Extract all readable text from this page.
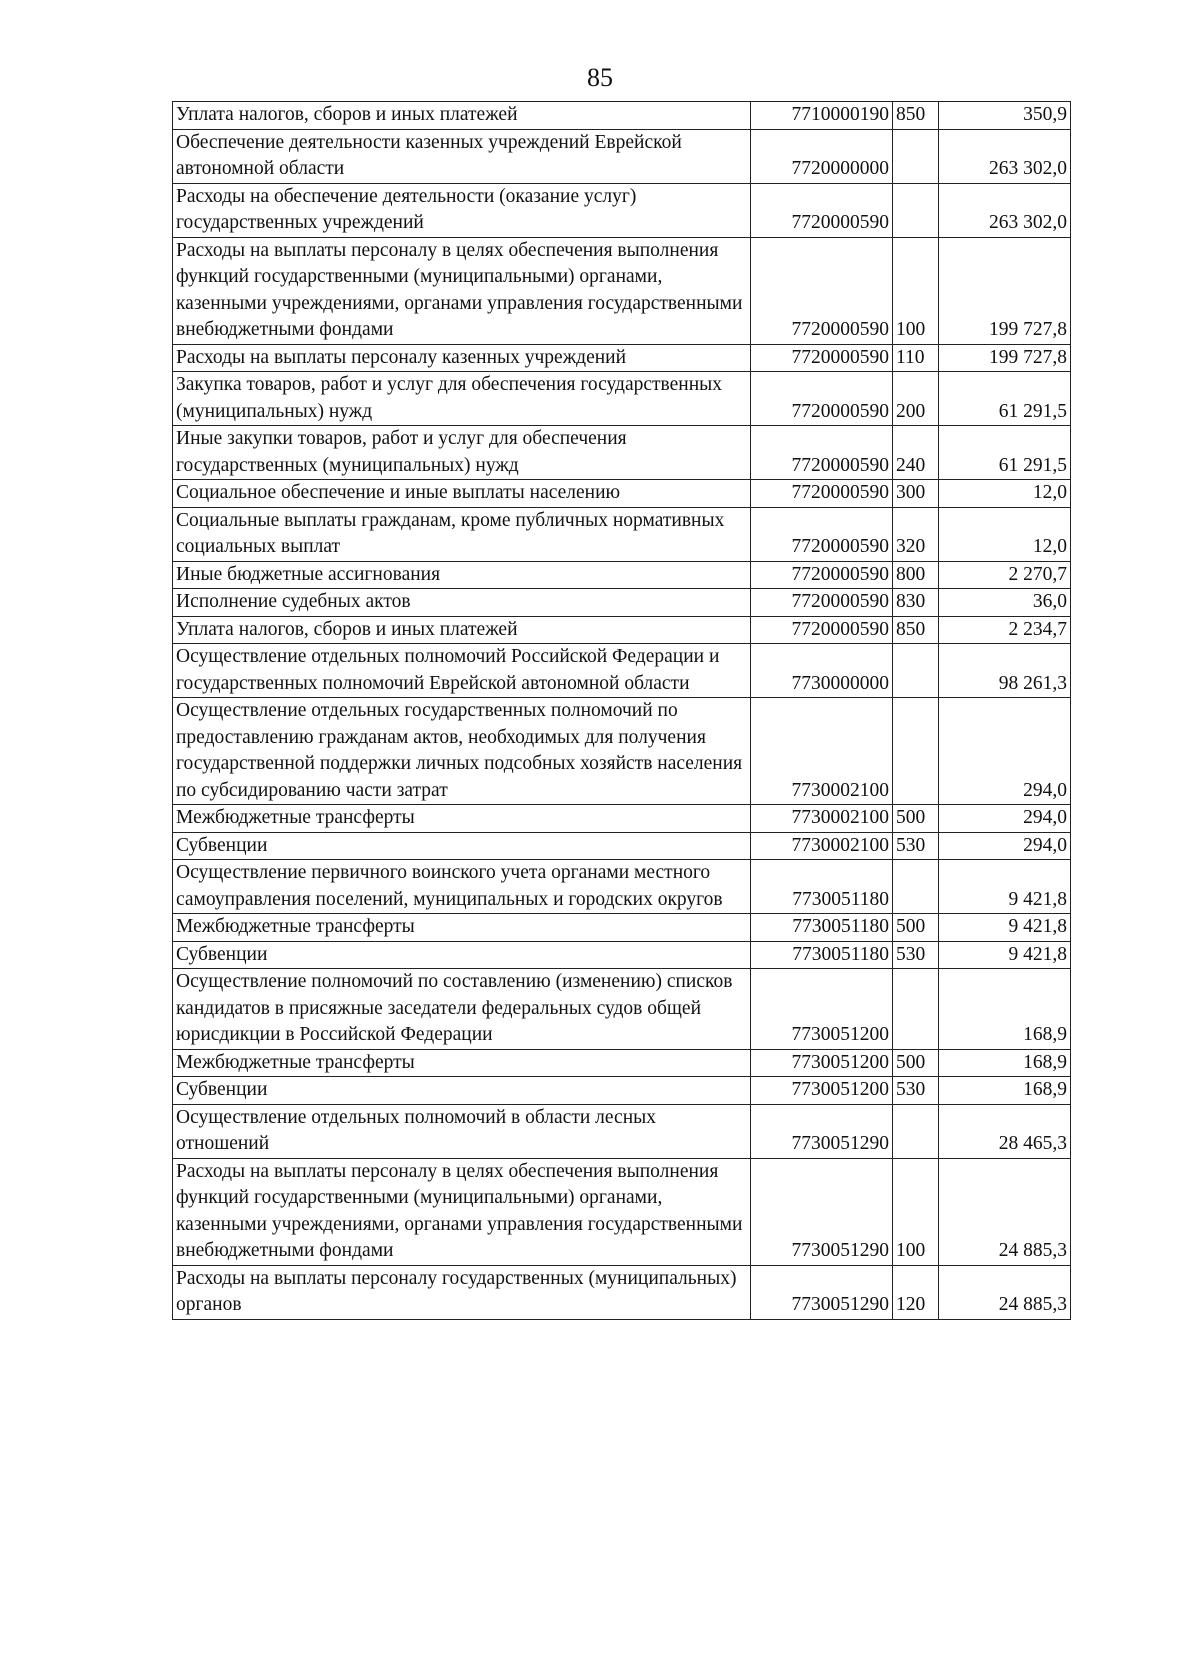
85
Уплата налогов, сборов и иных платежей	7710000190	850	350,9
Обеспечение деятельности казенных учреждений Еврейской автономной области	7720000000		263 302,0
Расходы на обеспечение деятельности (оказание услуг) государственных учреждений	7720000590		263 302,0
Расходы на выплаты персоналу в целях обеспечения выполнения функций государственными (муниципальными) органами, казенными учреждениями, органами управления государственными внебюджетными фондами	7720000590	100	199 727,8
Расходы на выплаты персоналу казенных учреждений	7720000590	110	199 727,8
Закупка товаров, работ и услуг для обеспечения государственных (муниципальных) нужд	7720000590	200	61 291,5
Иные закупки товаров, работ и услуг для обеспечения государственных (муниципальных) нужд	7720000590	240	61 291,5
Социальное обеспечение и иные выплаты населению	7720000590	300	12,0
Социальные выплаты гражданам, кроме публичных нормативных социальных выплат	7720000590	320	12,0
Иные бюджетные ассигнования	7720000590	800	2 270,7
Исполнение судебных актов	7720000590	830	36,0
Уплата налогов, сборов и иных платежей	7720000590	850	2 234,7
Осуществление отдельных полномочий Российской Федерации и государственных полномочий Еврейской автономной области	7730000000		98 261,3
Осуществление отдельных государственных полномочий по предоставлению гражданам актов, необходимых для получения государственной поддержки личных подсобных хозяйств населения по субсидированию части затрат	7730002100		294,0
Межбюджетные трансферты	7730002100	500	294,0
Субвенции	7730002100	530	294,0
Осуществление первичного воинского учета органами местного самоуправления поселений, муниципальных и городских округов	7730051180		9 421,8
Межбюджетные трансферты	7730051180	500	9 421,8
Субвенции	7730051180	530	9 421,8
Осуществление полномочий по составлению (изменению) списков кандидатов в присяжные заседатели федеральных судов общей юрисдикции в Российской Федерации	7730051200		168,9
Межбюджетные трансферты	7730051200	500	168,9
Субвенции	7730051200	530	168,9
Осуществление отдельных полномочий в области лесных отношений	7730051290		28 465,3
Расходы на выплаты персоналу в целях обеспечения выполнения функций государственными (муниципальными) органами, казенными учреждениями, органами управления государственными внебюджетными фондами	7730051290	100	24 885,3
Расходы на выплаты персоналу государственных (муниципальных) органов	7730051290	120	24 885,3
